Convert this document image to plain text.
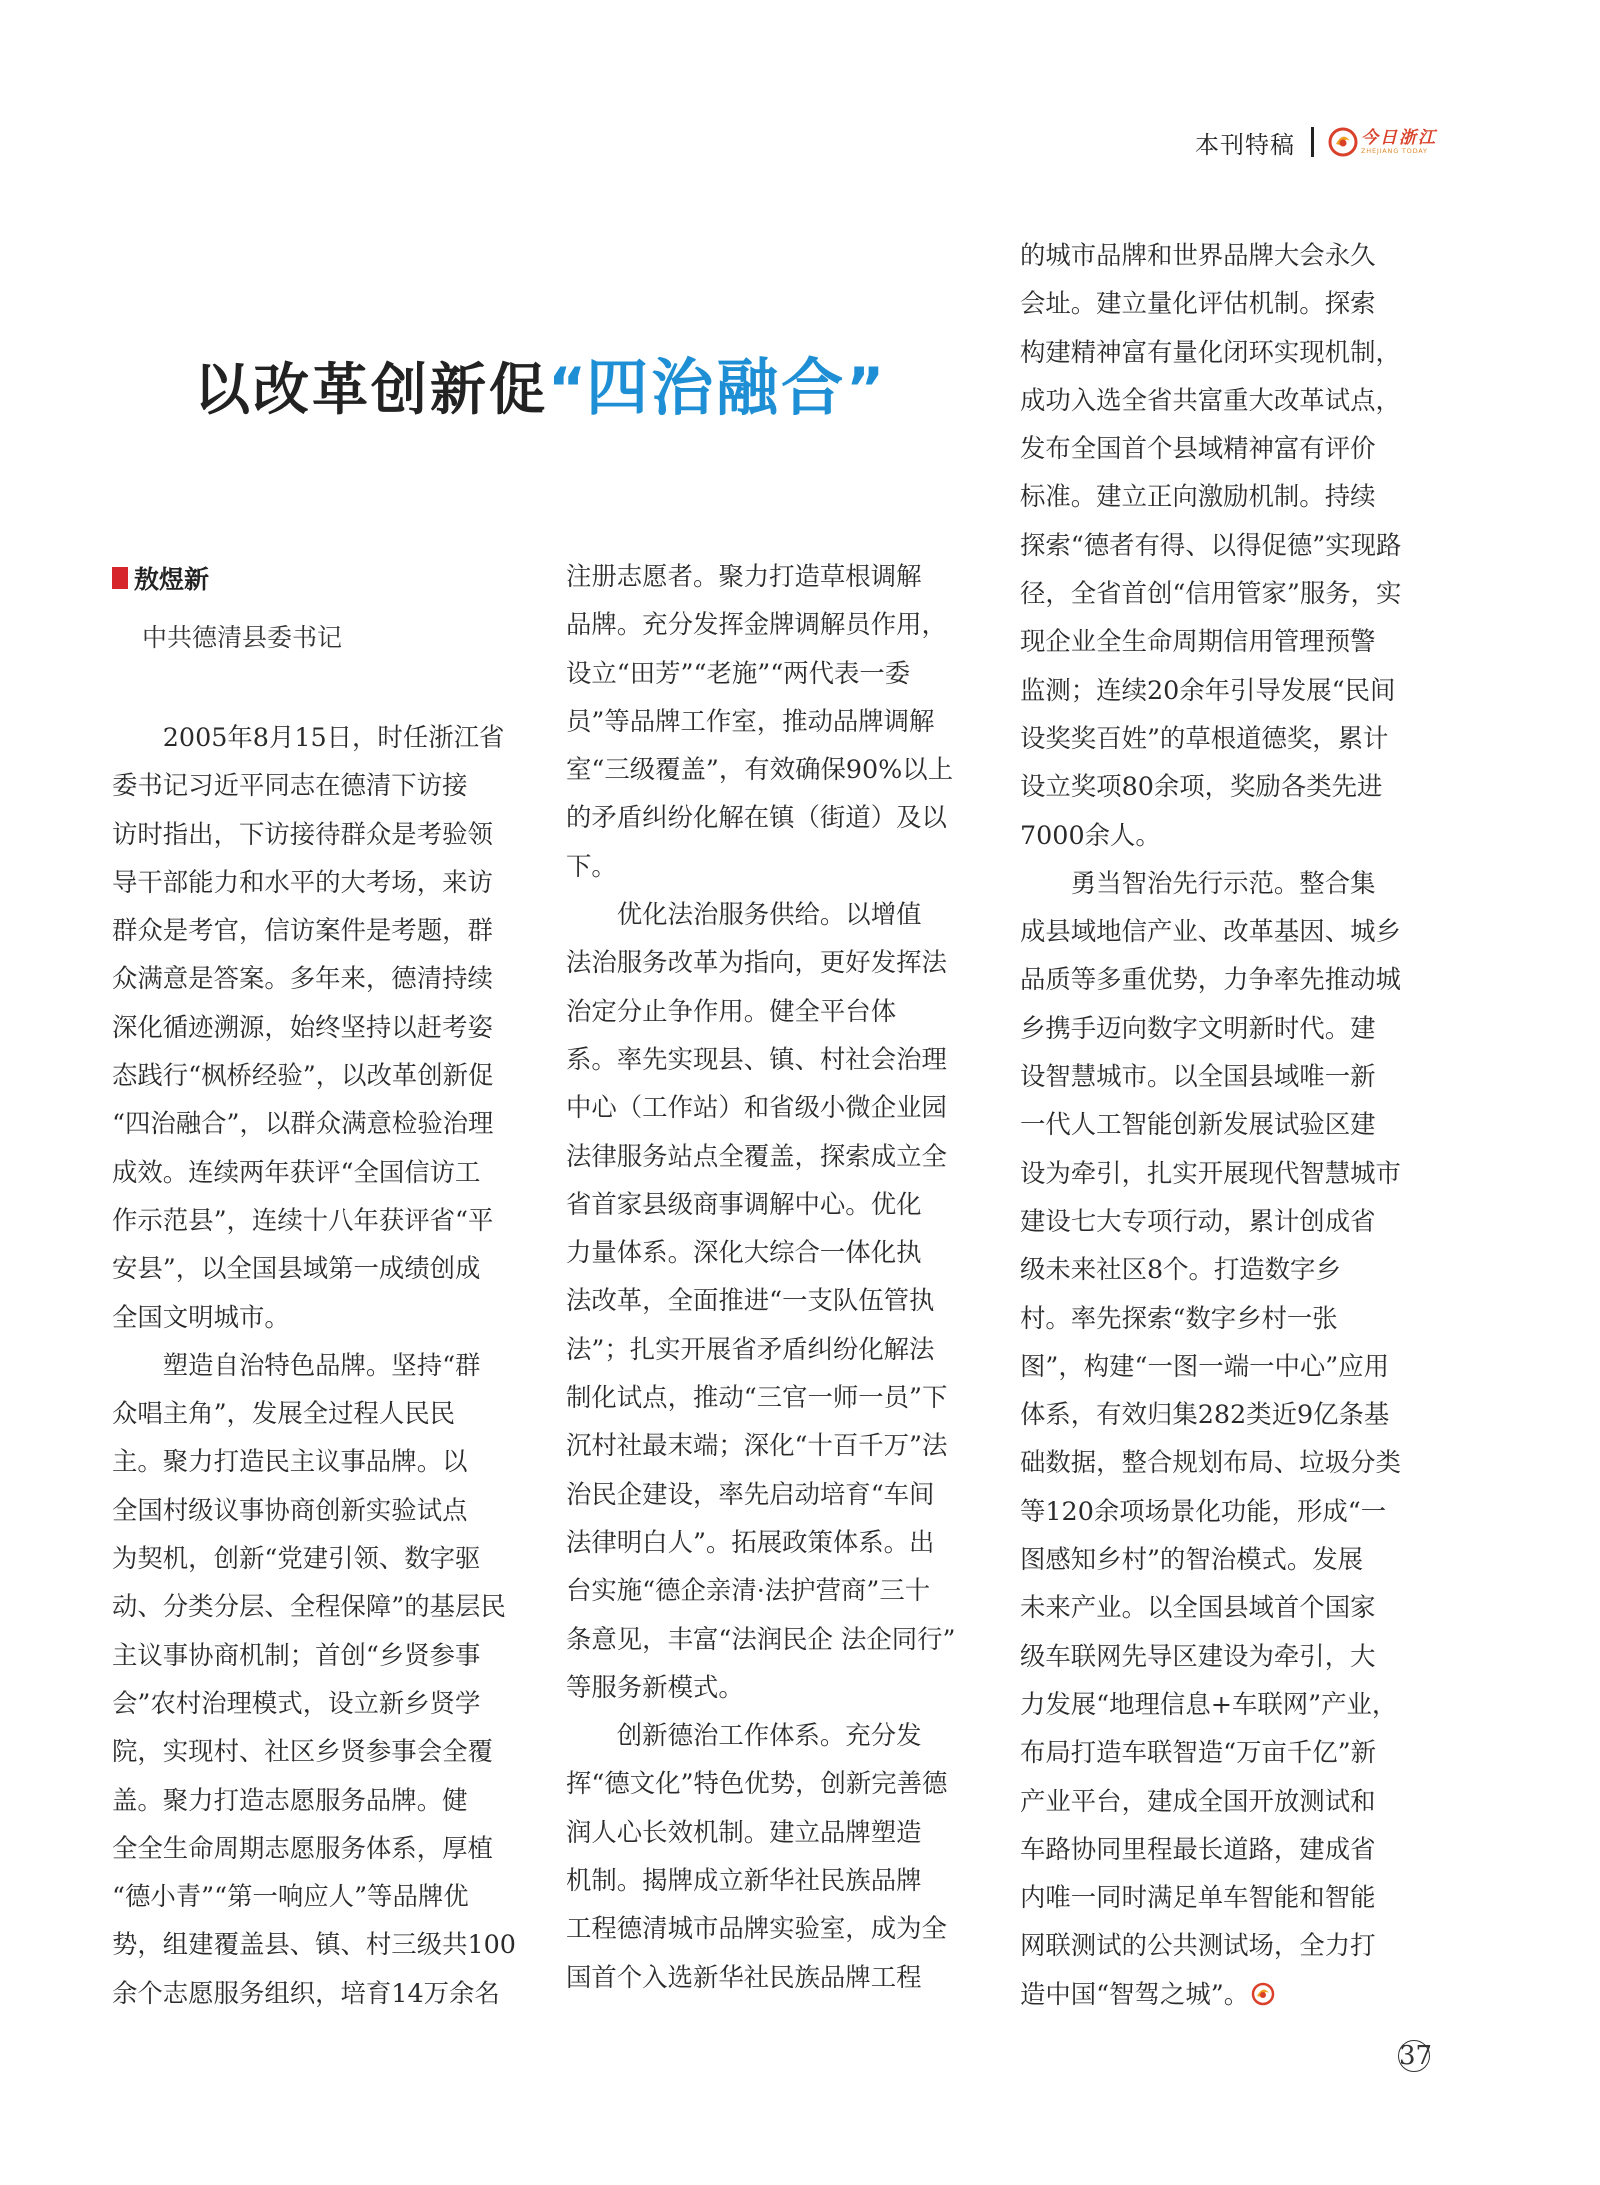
本刊特稿	今日浙江
ZHEJIANG TODAY
以改革创新促 “ 四治融合 ”
敖煜新
中共德清县委书记

　　2005年8月15日，时任浙江省

委书记习近平同志在德清下访接

访时指出，下访接待群众是考验领

导干部能力和水平的大考场，来访

群众是考官，信访案件是考题，群

众满意是答案。多年来，德清持续

深化循迹溯源，始终坚持以赶考姿

态践行“枫桥经验”，以改革创新促

“四治融合”，以群众满意检验治理

成效。连续两年获评“全国信访工

作示范县”，连续十八年获评省“平

安县”，以全国县域第一成绩创成

全国文明城市。

　　塑造自治特色品牌。坚持“群

众唱主角”，发展全过程人民民

主。聚力打造民主议事品牌。以

全国村级议事协商创新实验试点

为契机，创新“党建引领、数字驱

动、分类分层、全程保障”的基层民

主议事协商机制；首创“乡贤参事

会”农村治理模式，设立新乡贤学

院，实现村、社区乡贤参事会全覆

盖。聚力打造志愿服务品牌。健

全全生命周期志愿服务体系，厚植

“德小青”“第一响应人”等品牌优

势，组建覆盖县、镇、村三级共100

余个志愿服务组织，培育14万余名

注册志愿者。聚力打造草根调解

品牌。充分发挥金牌调解员作用，

设立“田芳”“老施”“两代表一委

员”等品牌工作室，推动品牌调解

室“三级覆盖”，有效确保90%以上

的矛盾纠纷化解在镇（街道）及以

下。

　　优化法治服务供给。以增值

法治服务改革为指向，更好发挥法

治定分止争作用。健全平台体

系。率先实现县、镇、村社会治理

中心（工作站）和省级小微企业园

法律服务站点全覆盖，探索成立全

省首家县级商事调解中心。优化

力量体系。深化大综合一体化执

法改革，全面推进“一支队伍管执

法”；扎实开展省矛盾纠纷化解法

制化试点，推动“三官一师一员”下

沉村社最末端；深化“十百千万”法

治民企建设，率先启动培育“车间

法律明白人”。拓展政策体系。出

台实施“德企亲清·法护营商”三十

条意见，丰富“法润民企 法企同行”

等服务新模式。

　　创新德治工作体系。充分发

挥“德文化”特色优势，创新完善德

润人心长效机制。建立品牌塑造

机制。揭牌成立新华社民族品牌

工程德清城市品牌实验室，成为全

国首个入选新华社民族品牌工程

的城市品牌和世界品牌大会永久

会址。建立量化评估机制。探索

构建精神富有量化闭环实现机制，

成功入选全省共富重大改革试点，

发布全国首个县域精神富有评价

标准。建立正向激励机制。持续

探索“德者有得、以得促德”实现路

径，全省首创“信用管家”服务，实

现企业全生命周期信用管理预警

监测；连续20余年引导发展“民间

设奖奖百姓”的草根道德奖，累计

设立奖项80余项，奖励各类先进

7000余人。

　　勇当智治先行示范。整合集

成县域地信产业、改革基因、城乡

品质等多重优势，力争率先推动城

乡携手迈向数字文明新时代。建

设智慧城市。以全国县域唯一新

一代人工智能创新发展试验区建

设为牵引，扎实开展现代智慧城市

建设七大专项行动，累计创成省

级未来社区8个。打造数字乡

村。率先探索“数字乡村一张

图”，构建“一图一端一中心”应用

体系，有效归集282类近9亿条基

础数据，整合规划布局、垃圾分类

等120余项场景化功能，形成“一

图感知乡村”的智治模式。发展

未来产业。以全国县域首个国家

级车联网先导区建设为牵引，大

力发展“地理信息+车联网”产业，

布局打造车联智造“万亩千亿”新

产业平台，建成全国开放测试和

车路协同里程最长道路，建成省

内唯一同时满足单车智能和智能

网联测试的公共测试场，全力打

造中国“智驾之城”。

37
